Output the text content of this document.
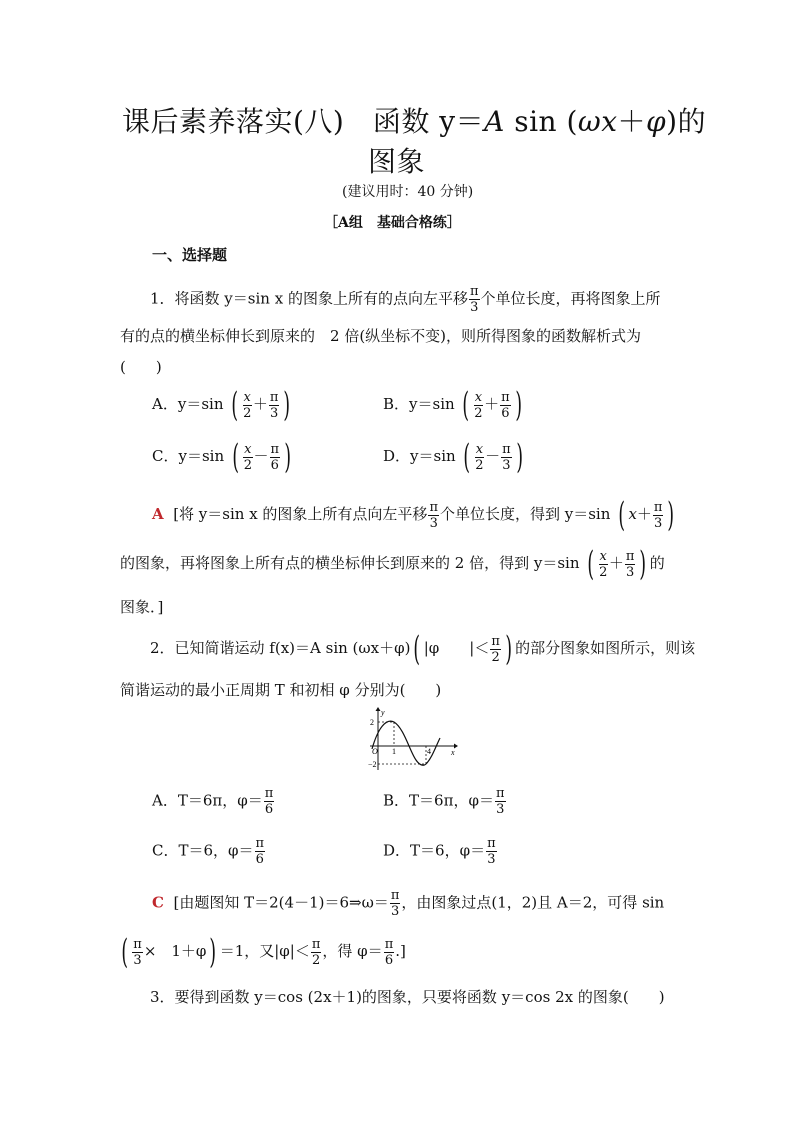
课后素养落实(八)　函数 y＝A sin (ωx＋φ)的
图象
(建议用时：40 分钟)
［A组　基础合格练］
一、选择题
1．将函数 y＝sin x 的图象上所有的点向左平移 $\frac{\pi}{3}$ 个单位长度，再将图象上所
有的点的横坐标伸长到原来的　2 倍(纵坐标不变)，则所得图象的函数解析式为
(　　)
A．y＝sin ( $\frac{x}{2} + \frac{\pi}{3}$ )	B．y＝sin ( $\frac{x}{2} + \frac{\pi}{6}$ )
C．y＝sin ( $\frac{x}{2} - \frac{\pi}{6}$ )	D．y＝sin ( $\frac{x}{2} - \frac{\pi}{3}$ )
A [将 y＝sin x 的图象上所有点向左平移 $\frac{\pi}{3}$ 个单位长度，得到 y＝sin ( $x+ \frac{\pi}{3}$ )
的图象，再将图象上所有点的横坐标伸长到原来的 2 倍，得到 y＝sin ( $\frac{x}{2} + \frac{\pi}{3}$ ) 的
图象．]
2．已知简谐运动 f(x)＝A sin (ωx＋φ)( |φ　　|＜ $\frac{\pi}{2}$ ) 的部分图象如图所示，则该
简谐运动的最小正周期 T 和初相 φ 分别为(　　)
y
x
2
−2
O 1	4
A．T＝6π，$\varphi= \frac{\pi}{6}$	B．T＝6π，$\varphi= \frac{\pi}{3}$
C．T＝6，$\varphi= \frac{\pi}{6}$	D．T＝6，$\varphi= \frac{\pi}{3}$
C [由题图知 T＝2(4－1)＝6⇒ω＝ $\frac{\pi}{3}$ ，由图象过点(1，2)且 A＝2，可得 sin
( $\frac{\pi}{3}$ ×　1＋φ) ＝1，又$|\varphi|< \frac{\pi}{2}$ ，得 $\varphi= \frac{\pi}{6}$ .]
3．要得到函数 y＝cos (2x＋1)的图象，只要将函数 y＝cos 2x 的图象(　　)
